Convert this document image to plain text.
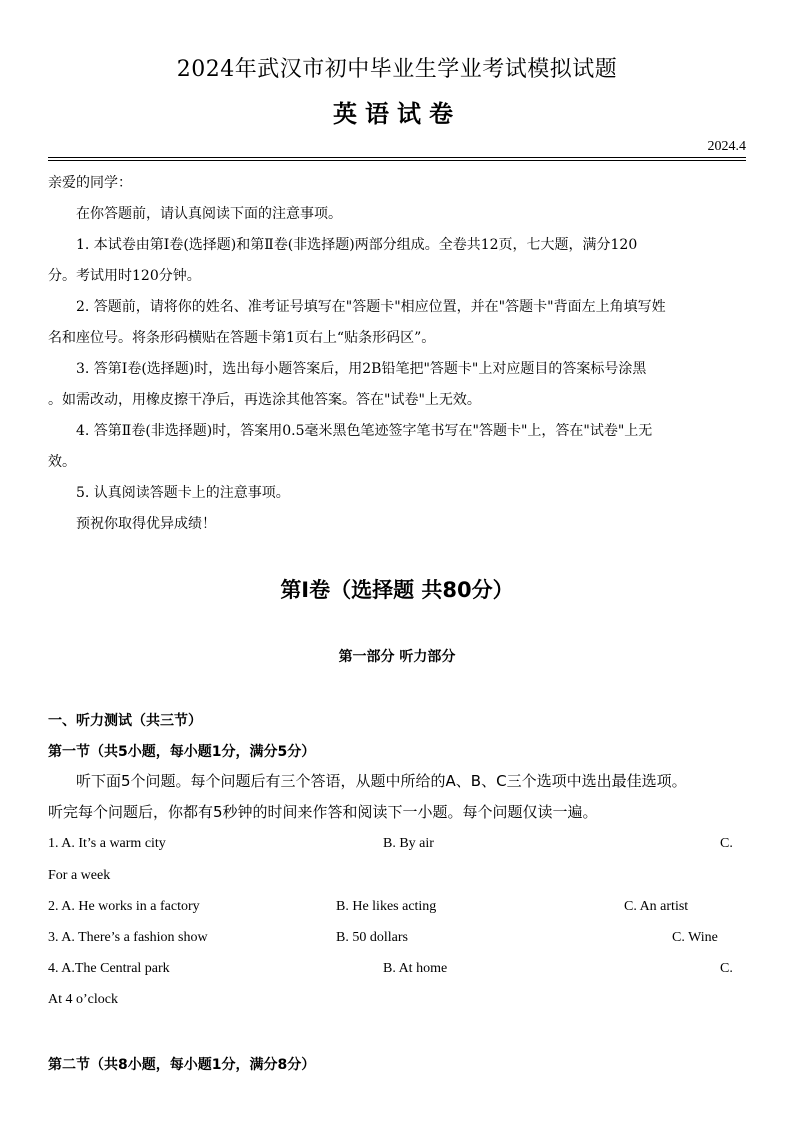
2024年武汉市初中毕业生学业考试模拟试题
英语试卷
2024.4

亲爱的同学：

在你答题前，请认真阅读下面的注意事项。

1. 本试卷由第Ⅰ卷(选择题)和第Ⅱ卷(非选择题)两部分组成。全卷共12页，七大题，满分120

分。考试用时120分钟。

2. 答题前，请将你的姓名、准考证号填写在"答题卡"相应位置，并在"答题卡"背面左上角填写姓

名和座位号。将条形码横贴在答题卡第1页右上“贴条形码区”。

3. 答第Ⅰ卷(选择题)时，选出每小题答案后，用2B铅笔把"答题卡"上对应题目的答案标号涂黑

。如需改动，用橡皮擦干净后，再选涂其他答案。答在"试卷"上无效。

4. 答第Ⅱ卷(非选择题)时，答案用0.5毫米黑色笔迹签字笔书写在"答题卡"上，答在"试卷"上无

效。

5. 认真阅读答题卡上的注意事项。

预祝你取得优异成绩！

第Ⅰ卷（选择题 共80分）
第一部分 听力部分
一、听力测试（共三节）
第一节（共5小题，每小题1分，满分5分）

听下面5个问题。每个问题后有三个答语，从题中所给的A、B、C三个选项中选出最佳选项。

听完每个问题后，你都有5秒钟的时间来作答和阅读下一小题。每个问题仅读一遍。

1. A. It’s a warm city	B. By air	C.
For a week
2. A. He works in a factory	B. He likes acting	C. An artist
3. A. There’s a fashion show	B. 50 dollars	C. Wine
4. A.The Central park	B. At home	C.
At 4 o’clock
第二节（共8小题，每小题1分，满分8分）
